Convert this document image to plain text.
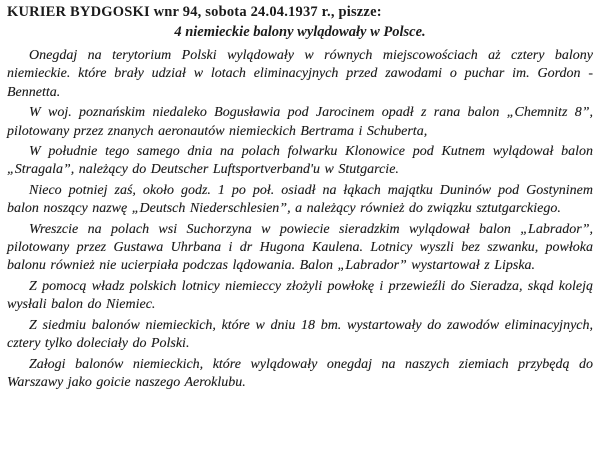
KURIER BYDGOSKI wnr 94, sobota 24.04.1937 r., piszze:
4 niemieckie balony wylądowały w Polsce.

Onegdaj na terytorium Polski wylądowały w równych miejscowościach aż cztery balony niemieckie. które brały udział w lotach eliminacyjnych przed zawodami o puchar im. Gordon - Bennetta.

W woj. poznańskim niedaleko Bogusławia pod Jarocinem opadł z rana balon „Chemnitz 8”, pilotowany przez znanych aeronautów niemieckich Bertrama i Schuberta,

W południe tego samego dnia na polach folwarku Klonowice pod Kutnem wylądował balon „Stragala”, należący do Deutscher Luftsportverband'u w Stutgarcie.

Nieco potniej zaś, około godz. 1 po poł. osiadł na łąkach majątku Duninów pod Gostyninem balon noszący nazwę „Deutsch Niederschlesien”, a należący również do związku sztutgarckiego.

Wreszcie na polach wsi Suchorzyna w powiecie sieradzkim wylądował balon „Labrador”, pilotowany przez Gustawa Uhrbana i dr Hugona Kaulena. Lotnicy wyszli bez szwanku, powłoka balonu również nie ucierpiała podczas lądowania. Balon „Labrador” wystartował z Lipska.

Z pomocą władz polskich lotnicy niemieccy złożyli powłokę i przewieźli do Sieradza, skąd koleją wysłali balon do Niemiec.

Z siedmiu balonów niemieckich, które w dniu 18 bm. wystartowały do zawodów eliminacyjnych, cztery tylko doleciały do Polski.

Załogi balonów niemieckich, które wylądowały onegdaj na naszych ziemiach przybędą do Warszawy jako goicie naszego Aeroklubu.
